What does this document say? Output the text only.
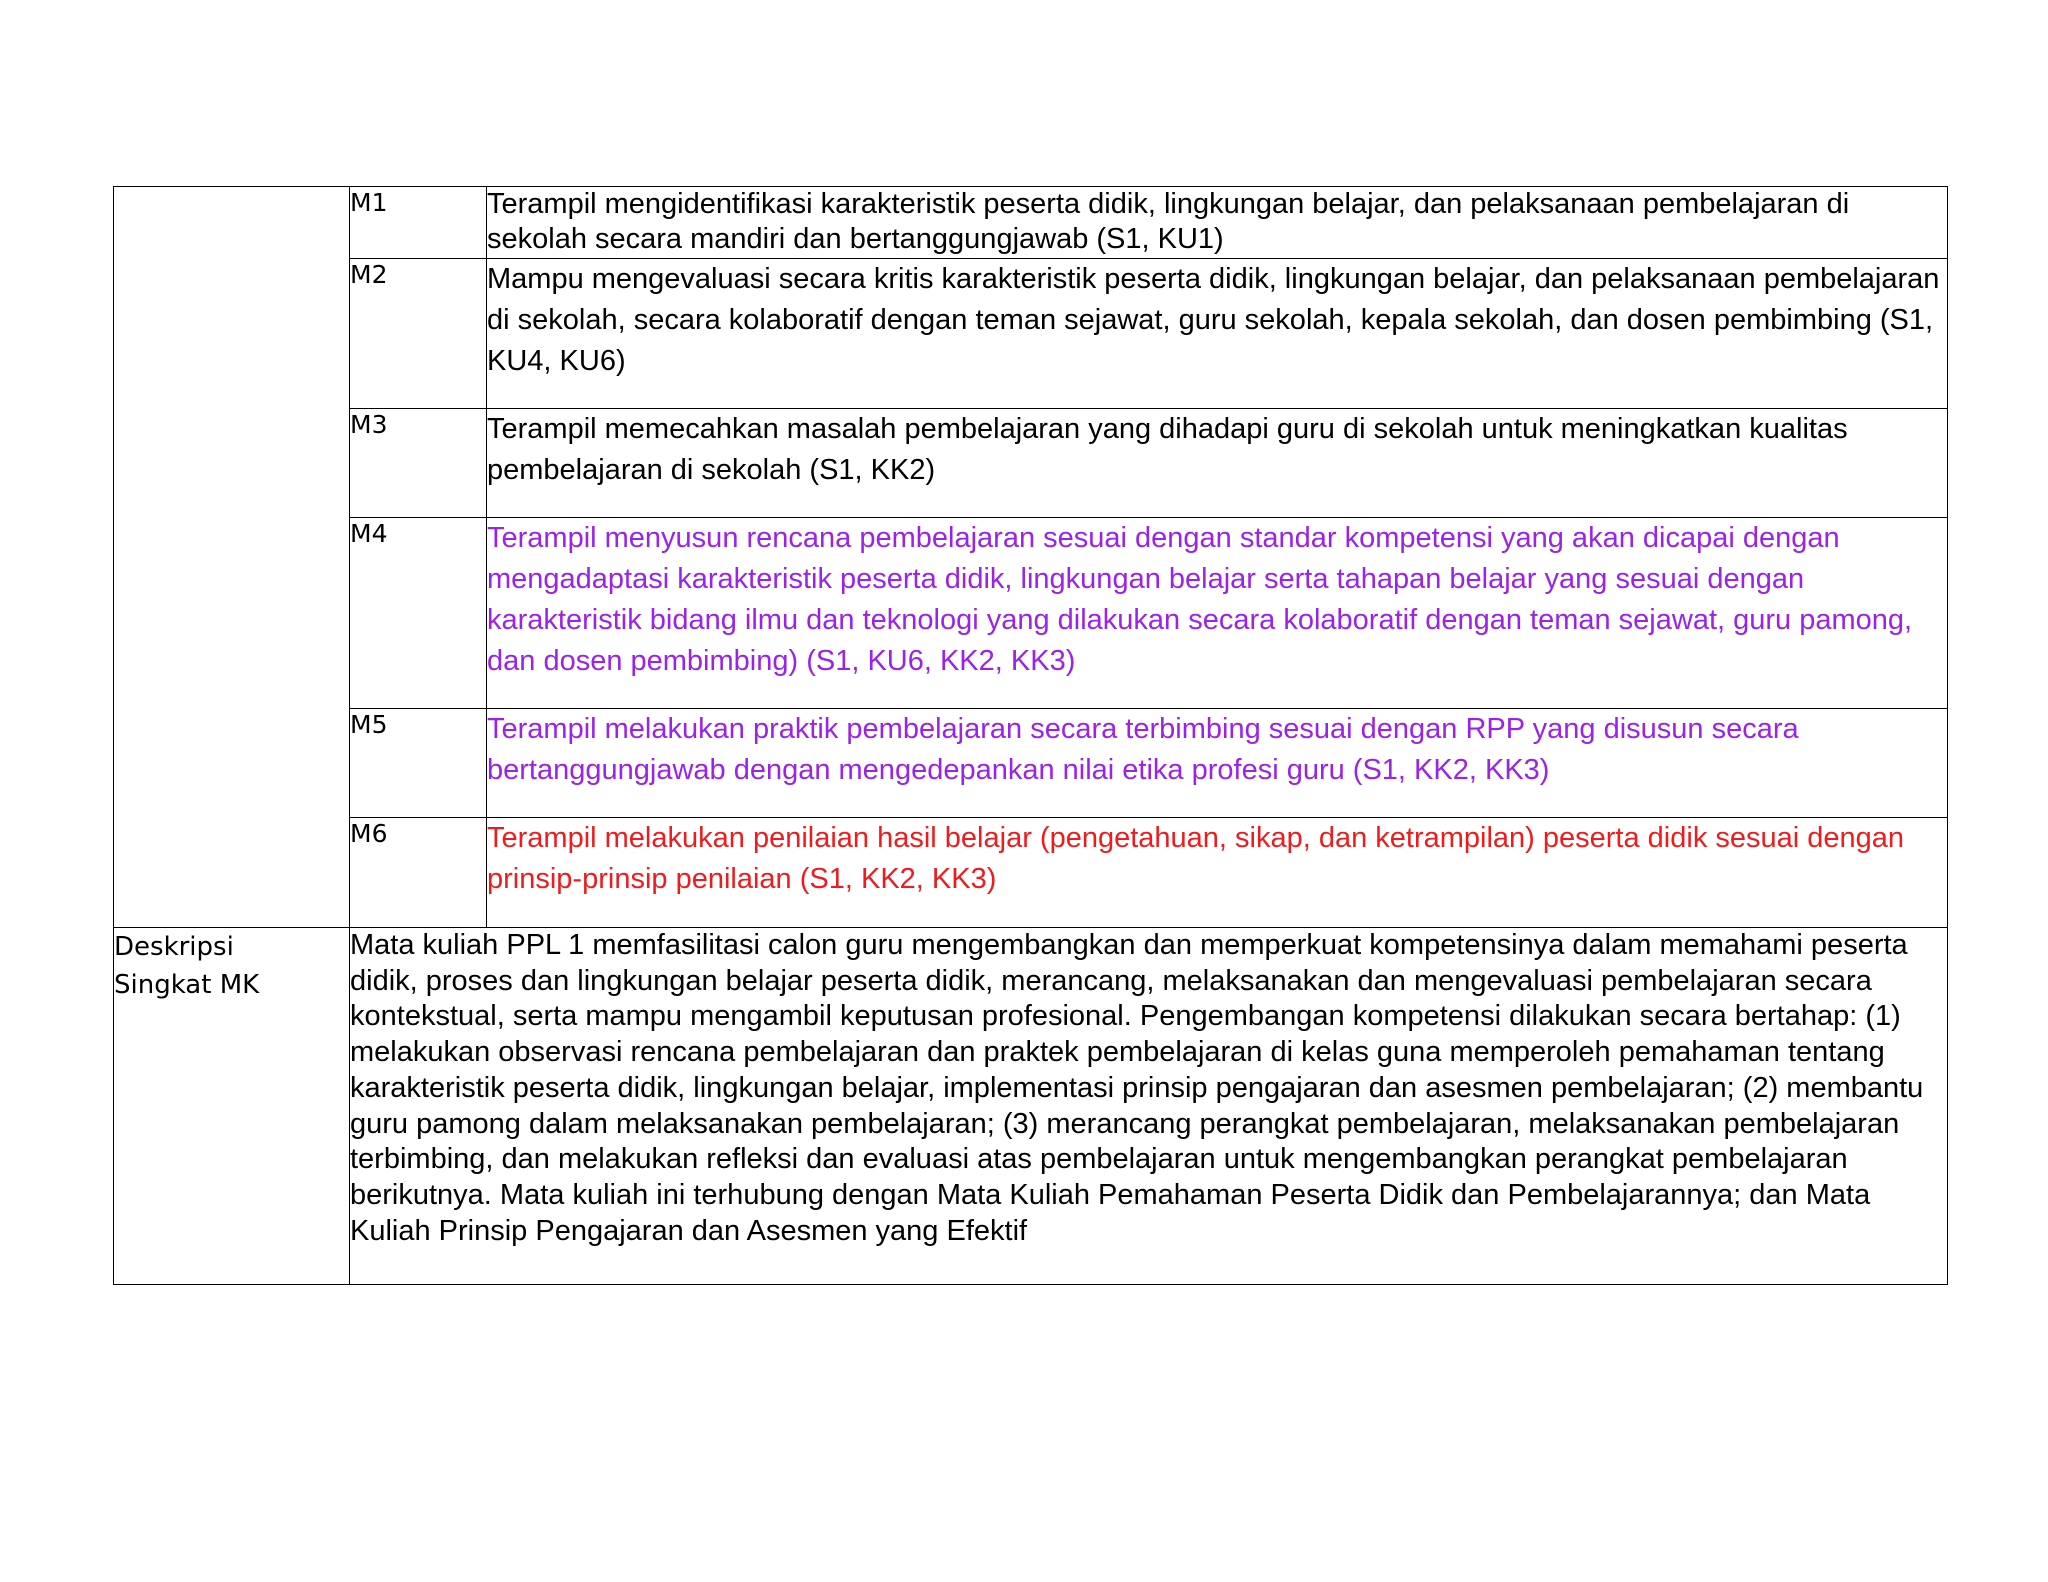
	M1	Terampil mengidentifikasi karakteristik peserta didik, lingkungan belajar, dan pelaksanaan pembelajaran di sekolah secara mandiri dan bertanggungjawab (S1, KU1)
	M2	Mampu mengevaluasi secara kritis karakteristik peserta didik, lingkungan belajar, dan pelaksanaan pembelajaran di sekolah, secara kolaboratif dengan teman sejawat, guru sekolah, kepala sekolah, dan dosen pembimbing (S1, KU4, KU6)
	M3	Terampil memecahkan masalah pembelajaran yang dihadapi guru di sekolah untuk meningkatkan kualitas pembelajaran di sekolah (S1, KK2)
	M4	Terampil menyusun rencana pembelajaran sesuai dengan standar kompetensi yang akan dicapai dengan mengadaptasi karakteristik peserta didik, lingkungan belajar serta tahapan belajar yang sesuai dengan karakteristik bidang ilmu dan teknologi yang dilakukan secara kolaboratif dengan teman sejawat, guru pamong, dan dosen pembimbing) (S1, KU6, KK2, KK3)
	M5	Terampil melakukan praktik pembelajaran secara terbimbing sesuai dengan RPP yang disusun secara bertanggungjawab dengan mengedepankan nilai etika profesi guru (S1, KK2, KK3)
	M6	Terampil melakukan penilaian hasil belajar (pengetahuan, sikap, dan ketrampilan) peserta didik sesuai dengan prinsip-prinsip penilaian (S1, KK2, KK3)
Deskripsi
Singkat MK	Mata kuliah PPL 1 memfasilitasi calon guru mengembangkan dan memperkuat kompetensinya dalam memahami peserta didik, proses dan lingkungan belajar peserta didik, merancang, melaksanakan dan mengevaluasi pembelajaran secara kontekstual, serta mampu mengambil keputusan profesional. Pengembangan kompetensi dilakukan secara bertahap: (1) melakukan observasi rencana pembelajaran dan praktek pembelajaran di kelas guna memperoleh pemahaman tentang karakteristik peserta didik, lingkungan belajar, implementasi prinsip pengajaran dan asesmen pembelajaran; (2) membantu guru pamong dalam melaksanakan pembelajaran; (3) merancang perangkat pembelajaran, melaksanakan pembelajaran terbimbing, dan melakukan refleksi dan evaluasi atas pembelajaran untuk mengembangkan perangkat pembelajaran berikutnya. Mata kuliah ini terhubung dengan Mata Kuliah Pemahaman Peserta Didik dan Pembelajarannya; dan Mata Kuliah Prinsip Pengajaran dan Asesmen yang Efektif	
